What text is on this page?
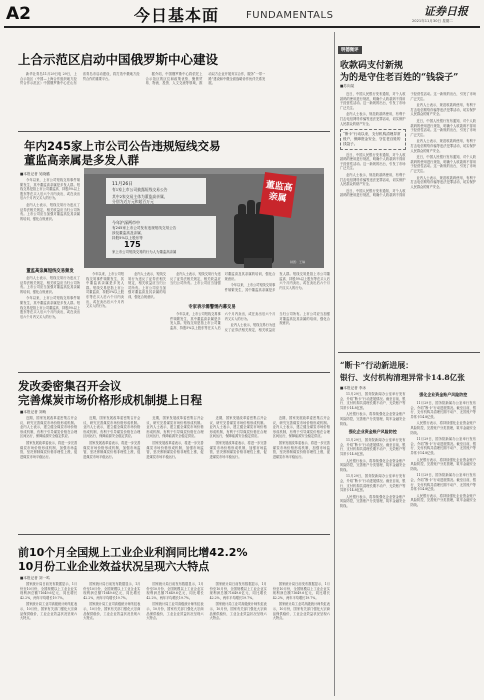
A2	今日基本面	FUNDAMENTALS	证券日报
2021年11月30日 星期二
上合示范区启动中国俄罗斯中心建设

新华社青岛11月29日电 29日，上合示范区（中国—上海合作组织地方经贸合作示范区）中国俄罗斯中心在山东省青岛市启动建设，将打造中俄地方经贸合作的重要平台。

据介绍，中国俄罗斯中心将依托上合示范区的区位和政策优势，聚焦贸易、物流、投资、人文交流等领域，推动双方企业开展务实合作，服务“一带一路”建设和中俄全面战略协作伙伴关系发展。

年内245家上市公司公告违规短线交易
董监高亲属是多发人群
■本报记者 吴晓璐

今年以来，上市公司短线交易事件频繁发生，其中董监高亲属是多发人群。短线交易是指上市公司董监高、持股5%以上股东等在买入后六个月内卖出，或在卖出后六个月内又买入的行为。

业内人士表示，短线交易行为违反了证券法相关规定，相关收益应当归公司所有。上市公司应当加强对董监高及其亲属的培训，强化合规意识。

董监高亲属短线交易频发

业内人士表示，短线交易行为违反了证券法相关规定，相关收益应当归公司所有。上市公司应当加强对董监高及其亲属的培训，强化合规意识。

今年以来，上市公司短线交易事件频繁发生，其中董监高亲属是多发人群。短线交易是指上市公司董监高、持股5%以上股东等在买入后六个月内卖出，或在卖出后六个月内又买入的行为。

11月26日
有1家上市公司披露短线交易公告
其中2家交易主体为董监高亲属，
分别为近万元和超百万元
今年沪深两市中
有245家上市公司发布违规短线交易公告
涉及董监高及亲属、
持股5%以上股东等
175
家上市公司短线交易的行为人为董监高亲属
董监高
亲属
制图：王琳

今年以来，上市公司短线交易事件频繁发生，其中董监高亲属是多发人群。短线交易是指上市公司董监高、持股5%以上股东等在买入后六个月内卖出，或在卖出后六个月内又买入的行为。

业内人士表示，短线交易行为违反了证券法相关规定，相关收益应当归公司所有。上市公司应当加强对董监高及其亲属的培训，强化合规意识。

业内人士表示，短线交易行为违反了证券法相关规定，相关收益应当归公司所有。上市公司应当加强对董监高及其亲属的培训，强化合规意识。

今年以来，上市公司短线交易事件频繁发生，其中董监高亲属是多发人群。短线交易是指上市公司董监高、持股5%以上股东等在买入后六个月内卖出，或在卖出后六个月内又买入的行为。

专家表示需警惕内幕交易

今年以来，上市公司短线交易事件频繁发生，其中董监高亲属是多发人群。短线交易是指上市公司董监高、持股5%以上股东等在买入后六个月内卖出，或在卖出后六个月内又买入的行为。

业内人士表示，短线交易行为违反了证券法相关规定，相关收益应当归公司所有。上市公司应当加强对董监高及其亲属的培训，强化合规意识。

发改委密集召开会议
完善煤炭市场价格形成机制提上日程
■本报记者 刘萌

近期，国家发展改革委密集召开会议，研究完善煤炭市场价格形成机制。业内人士表示，建立健全煤炭市场价格形成机制，有利于引导煤炭价格在合理区间运行，保障能源安全稳定供应。

国家发展改革委表示，将进一步完善煤炭市场价格形成机制，加强市场监管，坚决遏制煤炭价格非理性上涨，促进煤炭市场平稳运行。

近期，国家发展改革委密集召开会议，研究完善煤炭市场价格形成机制。业内人士表示，建立健全煤炭市场价格形成机制，有利于引导煤炭价格在合理区间运行，保障能源安全稳定供应。

国家发展改革委表示，将进一步完善煤炭市场价格形成机制，加强市场监管，坚决遏制煤炭价格非理性上涨，促进煤炭市场平稳运行。

近期，国家发展改革委密集召开会议，研究完善煤炭市场价格形成机制。业内人士表示，建立健全煤炭市场价格形成机制，有利于引导煤炭价格在合理区间运行，保障能源安全稳定供应。

国家发展改革委表示，将进一步完善煤炭市场价格形成机制，加强市场监管，坚决遏制煤炭价格非理性上涨，促进煤炭市场平稳运行。

近期，国家发展改革委密集召开会议，研究完善煤炭市场价格形成机制。业内人士表示，建立健全煤炭市场价格形成机制，有利于引导煤炭价格在合理区间运行，保障能源安全稳定供应。

国家发展改革委表示，将进一步完善煤炭市场价格形成机制，加强市场监管，坚决遏制煤炭价格非理性上涨，促进煤炭市场平稳运行。

近期，国家发展改革委密集召开会议，研究完善煤炭市场价格形成机制。业内人士表示，建立健全煤炭市场价格形成机制，有利于引导煤炭价格在合理区间运行，保障能源安全稳定供应。

国家发展改革委表示，将进一步完善煤炭市场价格形成机制，加强市场监管，坚决遏制煤炭价格非理性上涨，促进煤炭市场平稳运行。

前10个月全国规上工业企业利润同比增42.2%
10月份工业企业效益状况呈现六大特点
■本报记者 刘一鸣

国家统计局日前发布数据显示，1月份至10月份，全国规模以上工业企业实现利润总额71649.6亿元，同比增长42.2%，两年平均增长19.7%。

国家统计局工业司高级统计师朱虹表示，10月份，国家有关部门强化大宗商品保供稳价，工业企业效益状况呈现六大特点。

国家统计局日前发布数据显示，1月份至10月份，全国规模以上工业企业实现利润总额71649.6亿元，同比增长42.2%，两年平均增长19.7%。

国家统计局工业司高级统计师朱虹表示，10月份，国家有关部门强化大宗商品保供稳价，工业企业效益状况呈现六大特点。

国家统计局日前发布数据显示，1月份至10月份，全国规模以上工业企业实现利润总额71649.6亿元，同比增长42.2%，两年平均增长19.7%。

国家统计局工业司高级统计师朱虹表示，10月份，国家有关部门强化大宗商品保供稳价，工业企业效益状况呈现六大特点。

国家统计局日前发布数据显示，1月份至10月份，全国规模以上工业企业实现利润总额71649.6亿元，同比增长42.2%，两年平均增长19.7%。

国家统计局工业司高级统计师朱虹表示，10月份，国家有关部门强化大宗商品保供稳价，工业企业效益状况呈现六大特点。

国家统计局日前发布数据显示，1月份至10月份，全国规模以上工业企业实现利润总额71649.6亿元，同比增长42.2%，两年平均增长19.7%。

国家统计局工业司高级统计师朱虹表示，10月份，国家有关部门强化大宗商品保供稳价，工业企业效益状况呈现六大特点。

明德微评
收款码支付新规
为的是守住老百姓的“钱袋子”
■苏向杲

近日，中国人民银行发布通知，对个人收款码的使用进行规范，明确个人收款码不得用于经营性活动。这一新规的出台，引发了市场广泛关注。

业内人士表示，规范收款码使用，有利于打击电信网络诈骗等违法犯罪活动，切实保护人民群众的财产安全。

“断卡”行动以来，支付机构清理异常账户，保障资金安全，守住老百姓的钱袋子。

近日，中国人民银行发布通知，对个人收款码的使用进行规范，明确个人收款码不得用于经营性活动。这一新规的出台，引发了市场广泛关注。

业内人士表示，规范收款码使用，有利于打击电信网络诈骗等违法犯罪活动，切实保护人民群众的财产安全。

近日，中国人民银行发布通知，对个人收款码的使用进行规范，明确个人收款码不得用于经营性活动。这一新规的出台，引发了市场广泛关注。

业内人士表示，规范收款码使用，有利于打击电信网络诈骗等违法犯罪活动，切实保护人民群众的财产安全。

近日，中国人民银行发布通知，对个人收款码的使用进行规范，明确个人收款码不得用于经营性活动。这一新规的出台，引发了市场广泛关注。

业内人士表示，规范收款码使用，有利于打击电信网络诈骗等违法犯罪活动，切实保护人民群众的财产安全。

近日，中国人民银行发布通知，对个人收款码的使用进行规范，明确个人收款码不得用于经营性活动。这一新规的出台，引发了市场广泛关注。

业内人士表示，规范收款码使用，有利于打击电信网络诈骗等违法犯罪活动，切实保护人民群众的财产安全。

“断卡”行动新进展：
银行、支付机构清理异常卡14.8亿张
■本报记者 李冰

11月29日，国务院新闻办公室举行发布会，介绍“断卡”行动进展情况。截至目前，银行、支付机构共清理长期不动户、无效账户等异常卡14.8亿张。

人民银行表示，将持续强化企业资金账户风险防控，完善账户分类管理，筑牢金融安全防线。

强化企业资金账户风险防控

11月29日，国务院新闻办公室举行发布会，介绍“断卡”行动进展情况。截至目前，银行、支付机构共清理长期不动户、无效账户等异常卡14.8亿张。

人民银行表示，将持续强化企业资金账户风险防控，完善账户分类管理，筑牢金融安全防线。

11月29日，国务院新闻办公室举行发布会，介绍“断卡”行动进展情况。截至目前，银行、支付机构共清理长期不动户、无效账户等异常卡14.8亿张。

人民银行表示，将持续强化企业资金账户风险防控，完善账户分类管理，筑牢金融安全防线。

强化企业资金账户风险防控

11月29日，国务院新闻办公室举行发布会，介绍“断卡”行动进展情况。截至目前，银行、支付机构共清理长期不动户、无效账户等异常卡14.8亿张。

人民银行表示，将持续强化企业资金账户风险防控，完善账户分类管理，筑牢金融安全防线。

11月29日，国务院新闻办公室举行发布会，介绍“断卡”行动进展情况。截至目前，银行、支付机构共清理长期不动户、无效账户等异常卡14.8亿张。

人民银行表示，将持续强化企业资金账户风险防控，完善账户分类管理，筑牢金融安全防线。

11月29日，国务院新闻办公室举行发布会，介绍“断卡”行动进展情况。截至目前，银行、支付机构共清理长期不动户、无效账户等异常卡14.8亿张。

人民银行表示，将持续强化企业资金账户风险防控，完善账户分类管理，筑牢金融安全防线。
